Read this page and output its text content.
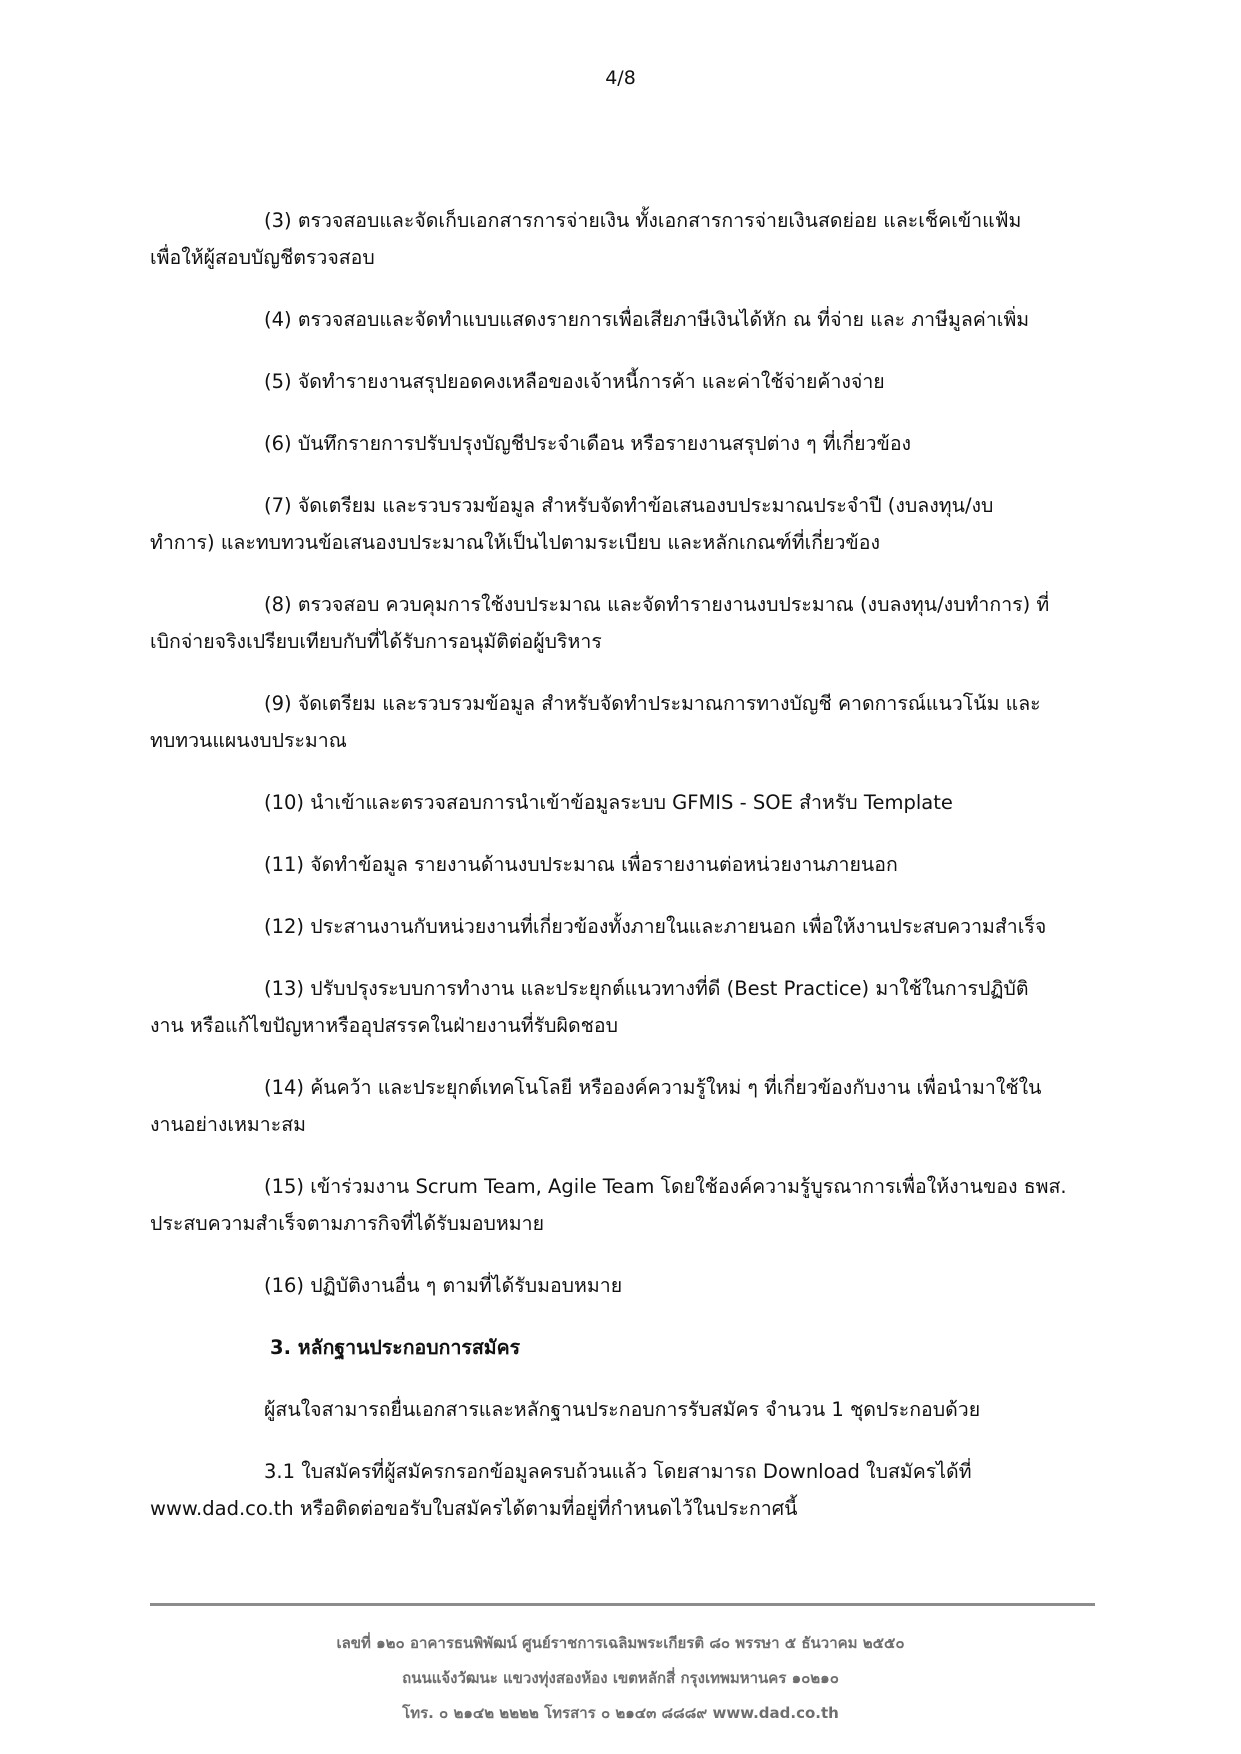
4/8
(3) ตรวจสอบและจัดเก็บเอกสารการจ่ายเงิน ทั้งเอกสารการจ่ายเงินสดย่อย และเช็คเข้าแฟ้ม
เพื่อให้ผู้สอบบัญชีตรวจสอบ
(4) ตรวจสอบและจัดทำแบบแสดงรายการเพื่อเสียภาษีเงินได้หัก ณ ที่จ่าย และ ภาษีมูลค่าเพิ่ม
(5) จัดทำรายงานสรุปยอดคงเหลือของเจ้าหนี้การค้า และค่าใช้จ่ายค้างจ่าย
(6) บันทึกรายการปรับปรุงบัญชีประจำเดือน หรือรายงานสรุปต่าง ๆ ที่เกี่ยวข้อง
(7) จัดเตรียม และรวบรวมข้อมูล สำหรับจัดทำข้อเสนองบประมาณประจำปี (งบลงทุน/งบ
ทำการ) และทบทวนข้อเสนองบประมาณให้เป็นไปตามระเบียบ และหลักเกณฑ์ที่เกี่ยวข้อง
(8) ตรวจสอบ ควบคุมการใช้งบประมาณ และจัดทำรายงานงบประมาณ (งบลงทุน/งบทำการ) ที่
เบิกจ่ายจริงเปรียบเทียบกับที่ได้รับการอนุมัติต่อผู้บริหาร
(9) จัดเตรียม และรวบรวมข้อมูล สำหรับจัดทำประมาณการทางบัญชี คาดการณ์แนวโน้ม และ
ทบทวนแผนงบประมาณ
(10) นำเข้าและตรวจสอบการนำเข้าข้อมูลระบบ GFMIS - SOE สำหรับ Template
(11) จัดทำข้อมูล รายงานด้านงบประมาณ เพื่อรายงานต่อหน่วยงานภายนอก
(12) ประสานงานกับหน่วยงานที่เกี่ยวข้องทั้งภายในและภายนอก เพื่อให้งานประสบความสำเร็จ
(13) ปรับปรุงระบบการทำงาน และประยุกต์แนวทางที่ดี (Best Practice) มาใช้ในการปฏิบัติ
งาน หรือแก้ไขปัญหาหรืออุปสรรคในฝ่ายงานที่รับผิดชอบ
(14) ค้นคว้า และประยุกต์เทคโนโลยี หรือองค์ความรู้ใหม่ ๆ ที่เกี่ยวข้องกับงาน เพื่อนำมาใช้ใน
งานอย่างเหมาะสม
(15) เข้าร่วมงาน Scrum Team, Agile Team โดยใช้องค์ความรู้บูรณาการเพื่อให้งานของ ธพส.
ประสบความสำเร็จตามภารกิจที่ได้รับมอบหมาย
(16) ปฏิบัติงานอื่น ๆ ตามที่ได้รับมอบหมาย
3. หลักฐานประกอบการสมัคร
ผู้สนใจสามารถยื่นเอกสารและหลักฐานประกอบการรับสมัคร จำนวน 1 ชุดประกอบด้วย
3.1 ใบสมัครที่ผู้สมัครกรอกข้อมูลครบถ้วนแล้ว โดยสามารถ Download ใบสมัครได้ที่
www.dad.co.th หรือติดต่อขอรับใบสมัครได้ตามที่อยู่ที่กำหนดไว้ในประกาศนี้
เลขที่ ๑๒๐ อาคารธนพิพัฒน์ ศูนย์ราชการเฉลิมพระเกียรติ ๘๐ พรรษา ๕ ธันวาคม ๒๕๕๐
ถนนแจ้งวัฒนะ แขวงทุ่งสองห้อง เขตหลักสี่ กรุงเทพมหานคร ๑๐๒๑๐
โทร. ๐ ๒๑๔๒ ๒๒๒๒ โทรสาร ๐ ๒๑๔๓ ๘๘๘๙ www.dad.co.th
